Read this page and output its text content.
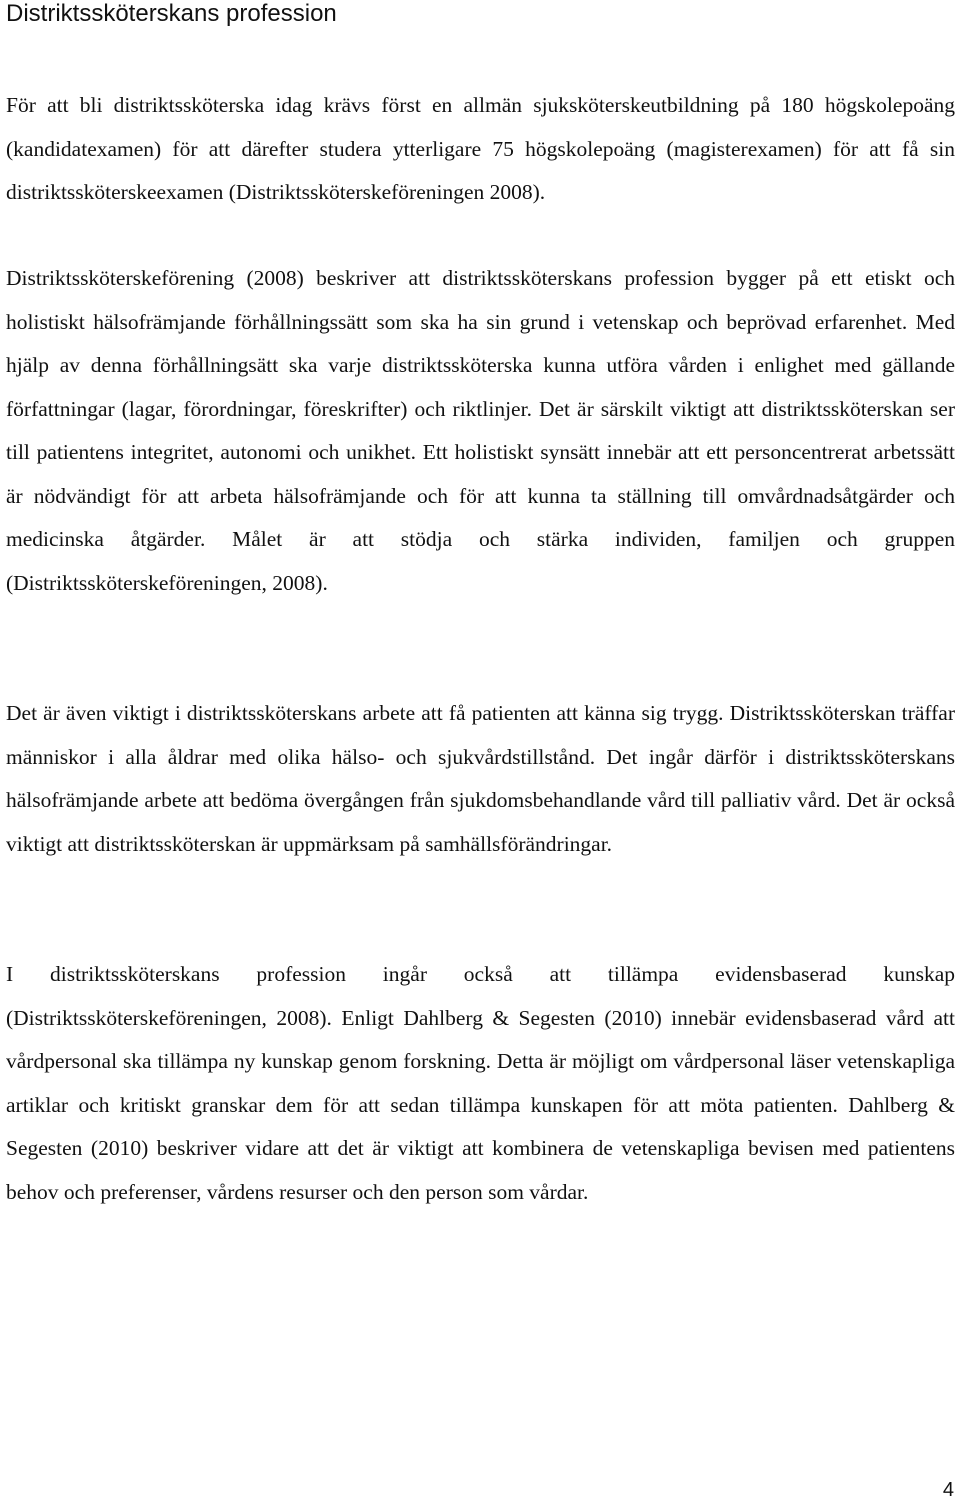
Distriktssköterskans profession

För att bli distriktssköterska idag krävs först en allmän sjuksköterskeutbildning på 180 högskolepoäng (kandidatexamen) för att därefter studera ytterligare 75 högskolepoäng (magisterexamen) för att få sin distriktssköterskeexamen (Distriktssköterskeföreningen 2008).

Distriktssköterskeförening (2008) beskriver att distriktssköterskans profession bygger på ett etiskt och holistiskt hälsofrämjande förhållningssätt som ska ha sin grund i vetenskap och beprövad erfarenhet. Med hjälp av denna förhållningsätt ska varje distriktssköterska kunna utföra vården i enlighet med gällande författningar (lagar, förordningar, föreskrifter) och riktlinjer. Det är särskilt viktigt att distriktssköterskan ser till patientens integritet, autonomi och unikhet. Ett holistiskt synsätt innebär att ett personcentrerat arbetssätt är nödvändigt för att arbeta hälsofrämjande och för att kunna ta ställning till omvårdnadsåtgärder och medicinska åtgärder. Målet är att stödja och stärka individen, familjen och gruppen (Distriktssköterskeföreningen, 2008).

Det är även viktigt i distriktssköterskans arbete att få patienten att känna sig trygg. Distriktssköterskan träffar människor i alla åldrar med olika hälso- och sjukvårdstillstånd. Det ingår därför i distriktssköterskans hälsofrämjande arbete att bedöma övergången från sjukdomsbehandlande vård till palliativ vård. Det är också viktigt att distriktssköterskan är uppmärksam på samhällsförändringar.

I distriktssköterskans profession ingår också att tillämpa evidensbaserad kunskap (Distriktssköterskeföreningen, 2008). Enligt Dahlberg & Segesten (2010) innebär evidensbaserad vård att vårdpersonal ska tillämpa ny kunskap genom forskning. Detta är möjligt om vårdpersonal läser vetenskapliga artiklar och kritiskt granskar dem för att sedan tillämpa kunskapen för att möta patienten. Dahlberg & Segesten (2010) beskriver vidare att det är viktigt att kombinera de vetenskapliga bevisen med patientens behov och preferenser, vårdens resurser och den person som vårdar.

4
